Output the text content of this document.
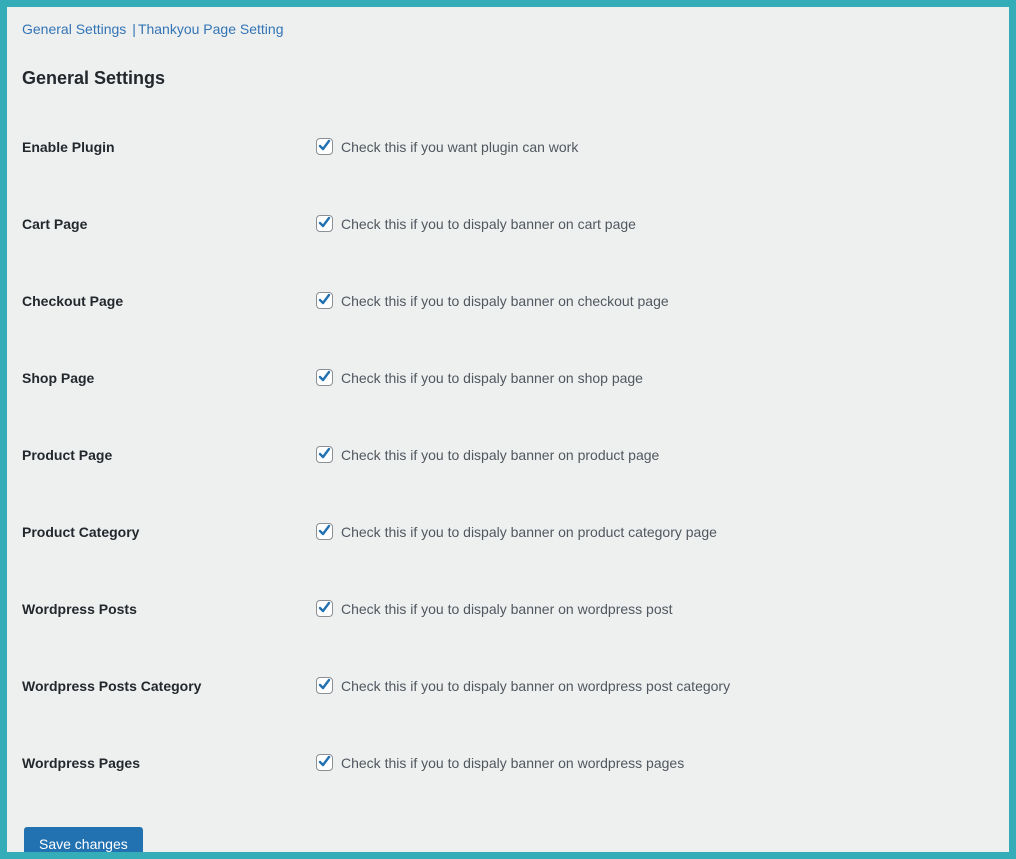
General Settings | Thankyou Page Setting
General Settings
Enable Plugin	Check this if you want plugin can work
Cart Page	Check this if you to dispaly banner on cart page
Checkout Page	Check this if you to dispaly banner on checkout page
Shop Page	Check this if you to dispaly banner on shop page
Product Page	Check this if you to dispaly banner on product page
Product Category	Check this if you to dispaly banner on product category page
Wordpress Posts	Check this if you to dispaly banner on wordpress post
Wordpress Posts Category	Check this if you to dispaly banner on wordpress post category
Wordpress Pages	Check this if you to dispaly banner on wordpress pages
Save changes
